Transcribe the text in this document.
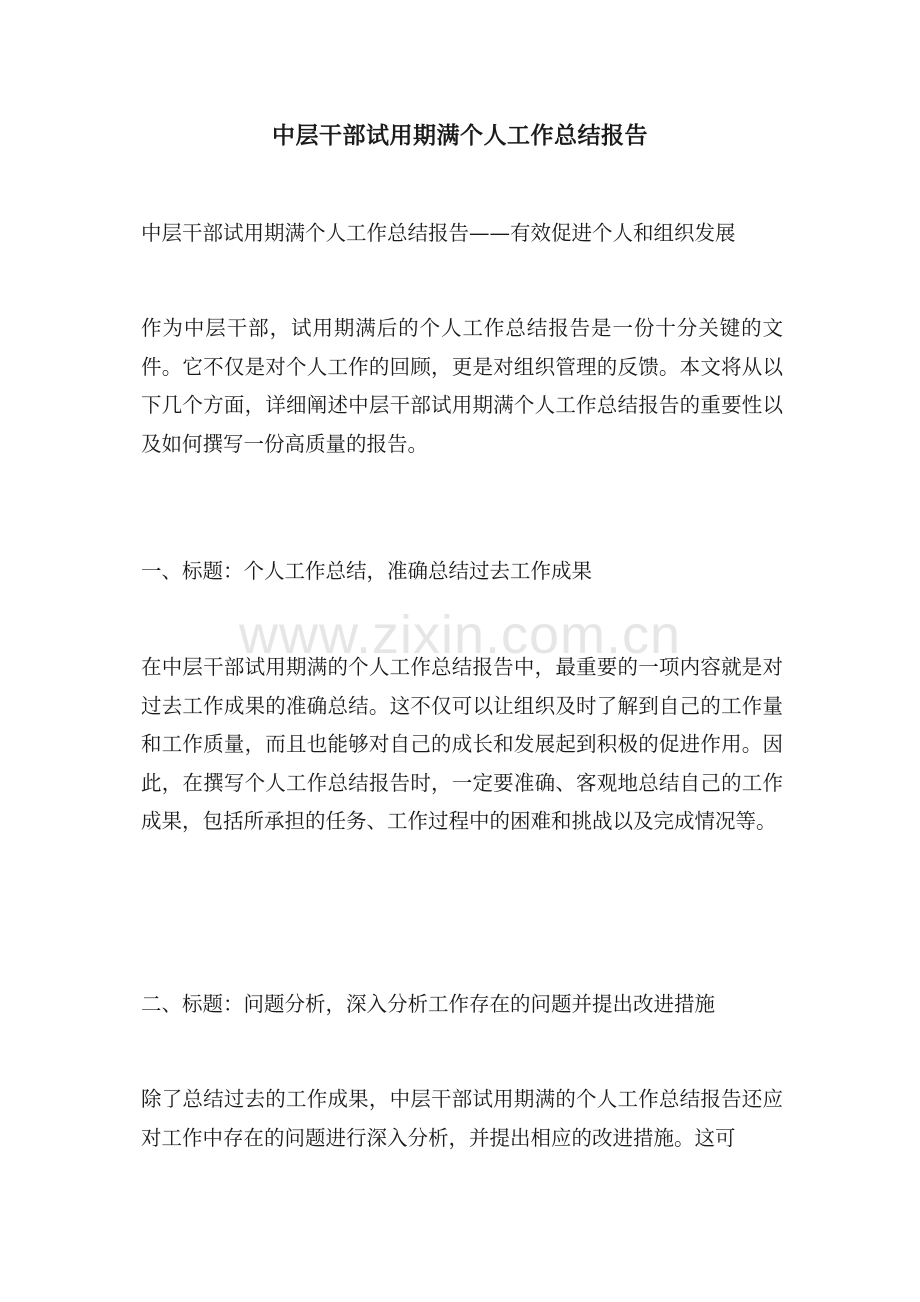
中层干部试用期满个人工作总结报告

中层干部试用期满个人工作总结报告——有效促进个人和组织发展

作为中层干部，试用期满后的个人工作总结报告是一份十分关键的文件。它不仅是对个人工作的回顾，更是对组织管理的反馈。本文将从以下几个方面，详细阐述中层干部试用期满个人工作总结报告的重要性以及如何撰写一份高质量的报告。

一、标题：个人工作总结，准确总结过去工作成果

在中层干部试用期满的个人工作总结报告中，最重要的一项内容就是对过去工作成果的准确总结。这不仅可以让组织及时了解到自己的工作量和工作质量，而且也能够对自己的成长和发展起到积极的促进作用。因此，在撰写个人工作总结报告时，一定要准确、客观地总结自己的工作成果，包括所承担的任务、工作过程中的困难和挑战以及完成情况等。

二、标题：问题分析，深入分析工作存在的问题并提出改进措施

除了总结过去的工作成果，中层干部试用期满的个人工作总结报告还应对工作中存在的问题进行深入分析，并提出相应的改进措施。这可

www.zixin.com.cn
